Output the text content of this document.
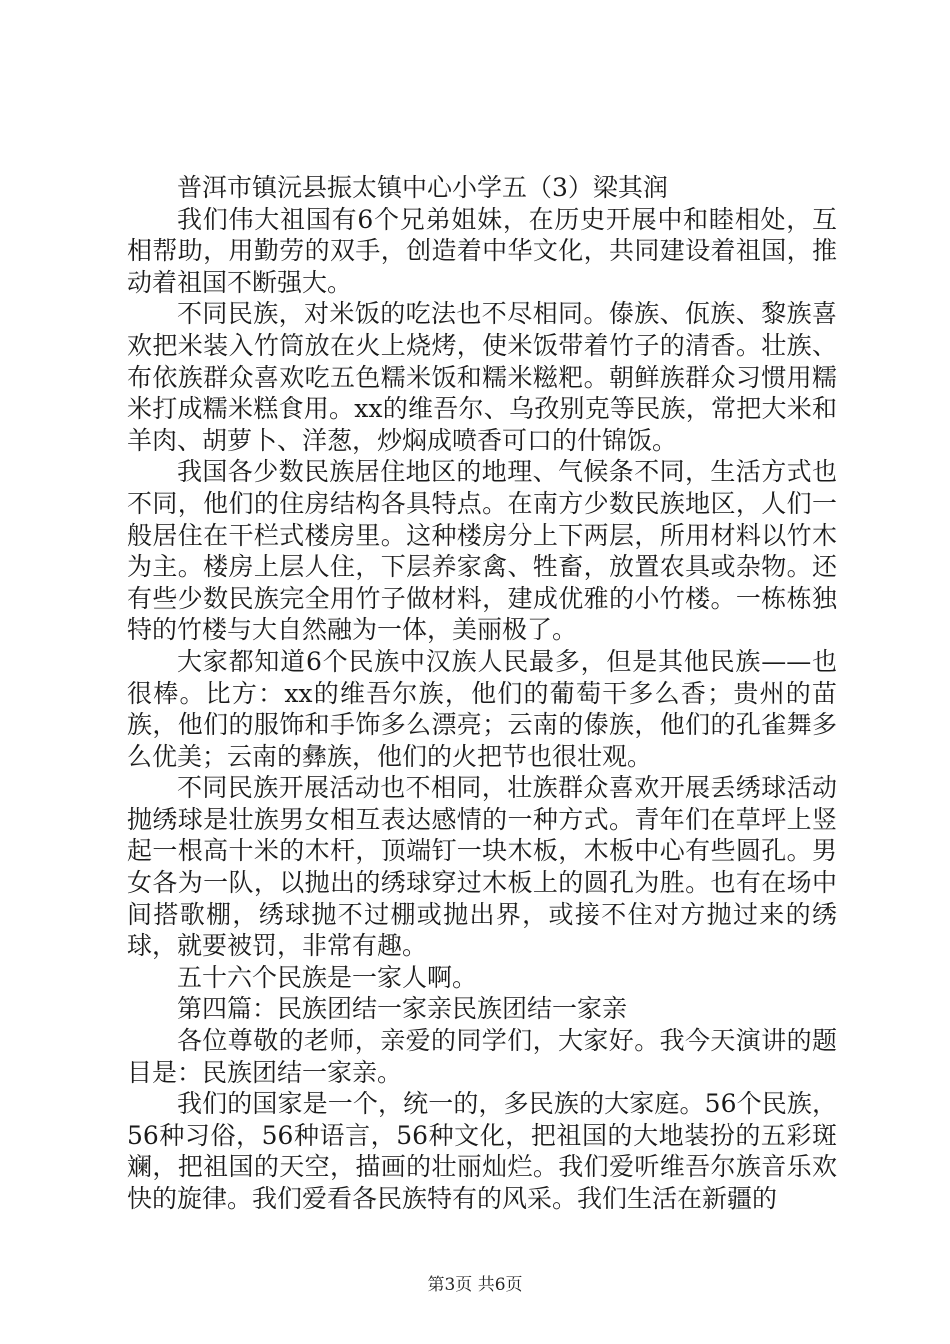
普洱市镇沅县振太镇中心小学五（3）梁其润

我们伟大祖国有6个兄弟姐妹，在历史开展中和睦相处，互相帮助，用勤劳的双手，创造着中华文化，共同建设着祖国，推动着祖国不断强大。

不同民族，对米饭的吃法也不尽相同。傣族、佤族、黎族喜欢把米装入竹筒放在火上烧烤，使米饭带着竹子的清香。壮族、布依族群众喜欢吃五色糯米饭和糯米糍粑。朝鲜族群众习惯用糯米打成糯米糕食用。xx的维吾尔、乌孜别克等民族，常把大米和羊肉、胡萝卜、洋葱，炒焖成喷香可口的什锦饭。

我国各少数民族居住地区的地理、气候条不同，生活方式也不同，他们的住房结构各具特点。在南方少数民族地区，人们一般居住在干栏式楼房里。这种楼房分上下两层，所用材料以竹木为主。楼房上层人住，下层养家禽、牲畜，放置农具或杂物。还有些少数民族完全用竹子做材料，建成优雅的小竹楼。一栋栋独特的竹楼与大自然融为一体，美丽极了。

大家都知道6个民族中汉族人民最多，但是其他民族——也很棒。比方：xx的维吾尔族，他们的葡萄干多么香；贵州的苗族，他们的服饰和手饰多么漂亮；云南的傣族，他们的孔雀舞多么优美；云南的彝族，他们的火把节也很壮观。

不同民族开展活动也不相同，壮族群众喜欢开展丢绣球活动抛绣球是壮族男女相互表达感情的一种方式。青年们在草坪上竖起一根高十米的木杆，顶端钉一块木板，木板中心有些圆孔。男女各为一队，以抛出的绣球穿过木板上的圆孔为胜。也有在场中间搭歌棚，绣球抛不过棚或抛出界，或接不住对方抛过来的绣球，就要被罚，非常有趣。

五十六个民族是一家人啊。

第四篇：民族团结一家亲民族团结一家亲

各位尊敬的老师，亲爱的同学们，大家好。我今天演讲的题目是：民族团结一家亲。

我们的国家是一个，统一的，多民族的大家庭。56个民族，56种习俗，56种语言，56种文化，把祖国的大地装扮的五彩斑斓，把祖国的天空，描画的壮丽灿烂。我们爱听维吾尔族音乐欢快的旋律。我们爱看各民族特有的风采。我们生活在新疆的

第3页 共6页
